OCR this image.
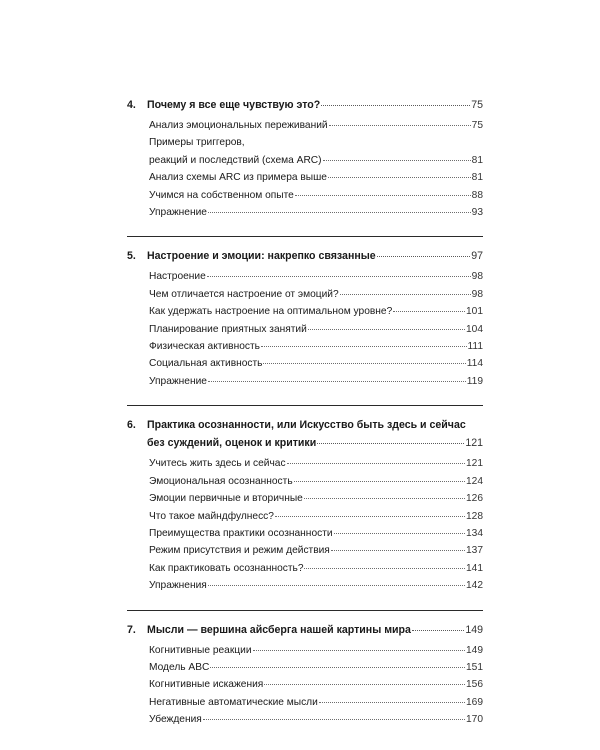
4.	Почему я все еще чувствую это?	75
Анализ эмоциональных переживаний	75
Примеры триггеров,
реакций и последствий (схема ARC)	81
Анализ схемы ARC из примера выше	81
Учимся на собственном опыте	88
Упражнение	93
5.	Настроение и эмоции: накрепко связанные	97
Настроение	98
Чем отличается настроение от эмоций?	98
Как удержать настроение на оптимальном уровне?	101
Планирование приятных занятий	104
Физическая активность	111
Социальная активность	114
Упражнение	119
6.	Практика осознанности, или Искусство быть здесь и сейчас
без суждений, оценок и критики	121
Учитесь жить здесь и сейчас	121
Эмоциональная осознанность	124
Эмоции первичные и вторичные	126
Что такое майндфулнесс?	128
Преимущества практики осознанности	134
Режим присутствия и режим действия	137
Как практиковать осознанность?	141
Упражнения	142
7.	Мысли — вершина айсберга нашей картины мира	149
Когнитивные реакции	149
Модель ABC	151
Когнитивные искажения	156
Негативные автоматические мысли	169
Убеждения	170
